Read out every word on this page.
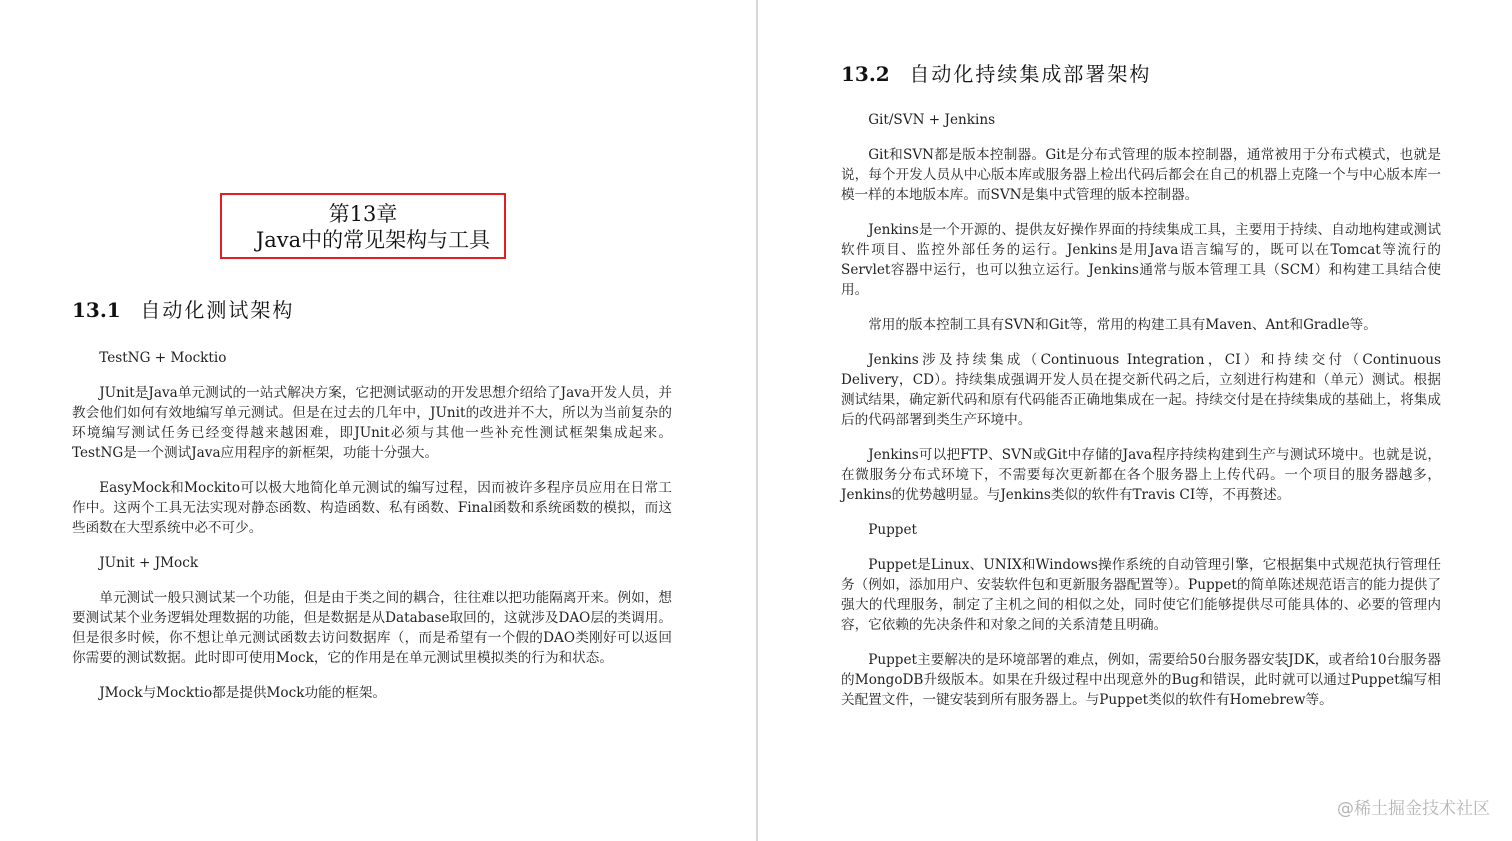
第13章
Java中的常见架构与工具
13.1 自动化测试架构
TestNG + Mocktio

JUnit是Java单元测试的一站式解决方案，它把测试驱动的开发思想介绍给了Java开发人员，并教会他们如何有效地编写单元测试。但是在过去的几年中，JUnit的改进并不大，所以为当前复杂的环境编写测试任务已经变得越来越困难，即JUnit必须与其他一些补充性测试框架集成起来。TestNG是一个测试Java应用程序的新框架，功能十分强大。

EasyMock和Mockito可以极大地简化单元测试的编写过程，因而被许多程序员应用在日常工作中。这两个工具无法实现对静态函数、构造函数、私有函数、Final函数和系统函数的模拟，而这些函数在大型系统中必不可少。

JUnit + JMock

单元测试一般只测试某一个功能，但是由于类之间的耦合，往往难以把功能隔离开来。例如，想要测试某个业务逻辑处理数据的功能，但是数据是从Database取回的，这就涉及DAO层的类调用。但是很多时候，你不想让单元测试函数去访问数据库（，而是希望有一个假的DAO类刚好可以返回你需要的测试数据。此时即可使用Mock，它的作用是在单元测试里模拟类的行为和状态。

JMock与Mocktio都是提供Mock功能的框架。

13.2 自动化持续集成部署架构
Git/SVN + Jenkins

Git和SVN都是版本控制器。Git是分布式管理的版本控制器，通常被用于分布式模式，也就是说，每个开发人员从中心版本库或服务器上检出代码后都会在自己的机器上克隆一个与中心版本库一模一样的本地版本库。而SVN是集中式管理的版本控制器。

Jenkins是一个开源的、提供友好操作界面的持续集成工具，主要用于持续、自动地构建或测试软件项目、监控外部任务的运行。Jenkins是用Java语言编写的，既可以在Tomcat等流行的Servlet容器中运行，也可以独立运行。Jenkins通常与版本管理工具（SCM）和构建工具结合使用。

常用的版本控制工具有SVN和Git等，常用的构建工具有Maven、Ant和Gradle等。

Jenkins涉及持续集成（Continuous Integration，CI）和持续交付（Continuous Delivery，CD）。持续集成强调开发人员在提交新代码之后，立刻进行构建和（单元）测试。根据测试结果，确定新代码和原有代码能否正确地集成在一起。持续交付是在持续集成的基础上，将集成后的代码部署到类生产环境中。

Jenkins可以把FTP、SVN或Git中存储的Java程序持续构建到生产与测试环境中。也就是说，在微服务分布式环境下，不需要每次更新都在各个服务器上上传代码。一个项目的服务器越多，Jenkins的优势越明显。与Jenkins类似的软件有Travis CI等，不再赘述。

Puppet

Puppet是Linux、UNIX和Windows操作系统的自动管理引擎，它根据集中式规范执行管理任务（例如，添加用户、安装软件包和更新服务器配置等）。Puppet的简单陈述规范语言的能力提供了强大的代理服务，制定了主机之间的相似之处，同时使它们能够提供尽可能具体的、必要的管理内容，它依赖的先决条件和对象之间的关系清楚且明确。

Puppet主要解决的是环境部署的难点，例如，需要给50台服务器安装JDK，或者给10台服务器的MongoDB升级版本。如果在升级过程中出现意外的Bug和错误，此时就可以通过Puppet编写相关配置文件，一键安装到所有服务器上。与Puppet类似的软件有Homebrew等。

@稀土掘金技术社区
